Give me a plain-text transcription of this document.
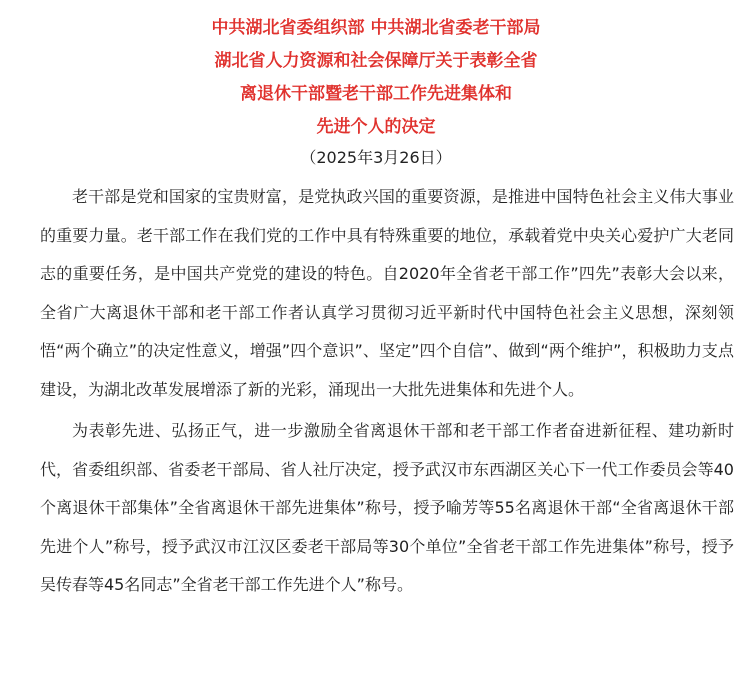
中共湖北省委组织部 中共湖北省委老干部局
湖北省人力资源和社会保障厅关于表彰全省
离退休干部暨老干部工作先进集体和
先进个人的决定
（2025年3月26日）

老干部是党和国家的宝贵财富，是党执政兴国的重要资源，是推进中国特色社会主义伟大事业的重要力量。老干部工作在我们党的工作中具有特殊重要的地位，承载着党中央关心爱护广大老同志的重要任务，是中国共产党党的建设的特色。自2020年全省老干部工作”四先”表彰大会以来，全省广大离退休干部和老干部工作者认真学习贯彻习近平新时代中国特色社会主义思想，深刻领悟“两个确立”的决定性意义，增强”四个意识”、坚定”四个自信”、做到“两个维护”，积极助力支点建设，为湖北改革发展增添了新的光彩，涌现出一大批先进集体和先进个人。

为表彰先进、弘扬正气，进一步激励全省离退休干部和老干部工作者奋进新征程、建功新时代，省委组织部、省委老干部局、省人社厅决定，授予武汉市东西湖区关心下一代工作委员会等40个离退休干部集体”全省离退休干部先进集体”称号，授予喻芳等55名离退休干部“全省离退休干部先进个人”称号，授予武汉市江汉区委老干部局等30个单位”全省老干部工作先进集体”称号，授予吴传春等45名同志”全省老干部工作先进个人”称号。
